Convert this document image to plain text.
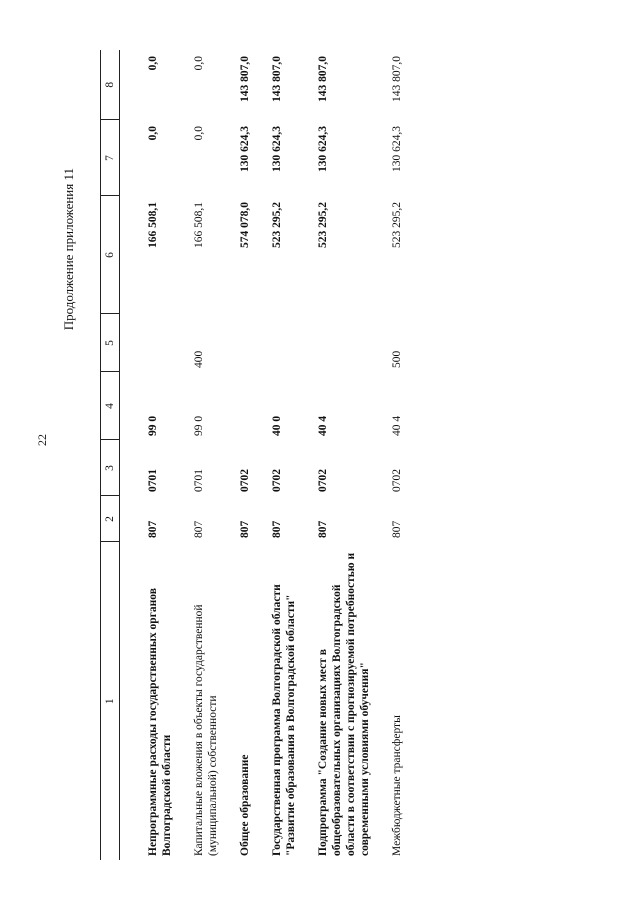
22
Продолжение приложения 11
1	2	3	4	5	6	7	8
Непрограммные расходы государственных органов Волгоградской области	807	0701	99 0		166 508,1	0,0	0,0
Капитальные вложения в объекты государственной (муниципальной) собственности	807	0701	99 0	400	166 508,1	0,0	0,0
Общее образование	807	0702			574 078,0	130 624,3	143 807,0
Государственная программа Волгоградской области "Развитие образования в Волгоградской области"	807	0702	40 0		523 295,2	130 624,3	143 807,0
Подпрограмма "Создание новых мест в общеобразовательных организациях Волгоградской области в соответствии с прогнозируемой потребностью и современными условиями обучения"	807	0702	40 4		523 295,2	130 624,3	143 807,0
Межбюджетные трансферты	807	0702	40 4	500	523 295,2	130 624,3	143 807,0
